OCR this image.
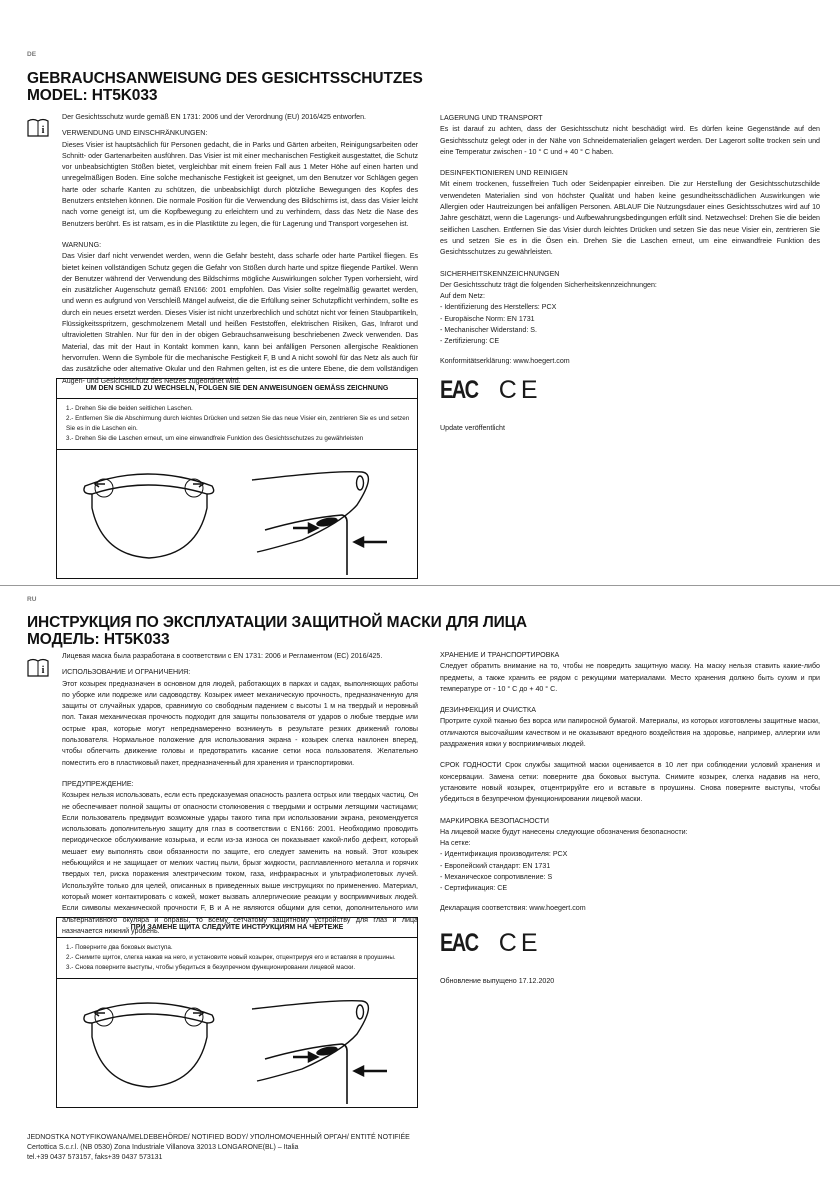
DE
GEBRAUCHSANWEISUNG DES GESICHTSSCHUTZES
MODEL: HT5K033
i

Der Gesichtsschutz wurde gemäß EN 1731: 2006 und der Verordnung (EU) 2016/425 entworfen.

VERWENDUNG UND EINSCHRÄNKUNGEN:

Dieses Visier ist hauptsächlich für Personen gedacht, die in Parks und Gärten arbeiten, Reinigungsarbeiten oder Schnitt- oder Gartenarbeiten ausführen. Das Visier ist mit einer mechanischen Festigkeit ausgestattet, die Schutz vor unbeabsichtigten Stößen bietet, vergleichbar mit einem freien Fall aus 1 Meter Höhe auf einen harten und unregelmäßigen Boden. Eine solche mechanische Festigkeit ist geeignet, um den Benutzer vor Schlägen gegen harte oder scharfe Kanten zu schützen, die unbeabsichligt durch plötzliche Bewegungen des Kopfes des Benutzers entstehen können. Die normale Position für die Verwendung des Bildschirms ist, dass das Visier leicht nach vorne geneigt ist, um die Kopfbewegung zu erleichtern und zu verhindern, dass das Netz die Nase des Benutzers berührt. Es ist ratsam, es in die Plastiktüte zu legen, die für Lagerung und Transport vorgesehen ist.

WARNUNG:

Das Visier darf nicht verwendet werden, wenn die Gefahr besteht, dass scharfe oder harte Partikel fliegen. Es bietet keinen vollständigen Schutz gegen die Gefahr von Stößen durch harte und spitze fliegende Partikel. Wenn der Benutzer während der Verwendung des Bildschirms mögliche Auswirkungen solcher Typen vorhersieht, wird ein zusätzlicher Augenschutz gemäß EN166: 2001 empfohlen. Das Visier sollte regelmäßig gewartet werden, und wenn es aufgrund von Verschleiß Mängel aufweist, die die Erfüllung seiner Schutzpflicht verhindern, sollte es durch ein neues ersetzt werden. Dieses Visier ist nicht unzerbrechlich und schützt nicht vor feinen Staubpartikeln, Flüssigkeitsspritzern, geschmolzenem Metall und heißen Feststoffen, elektrischen Risiken, Gas, Infrarot und ultravioletten Strahlen. Nur für den in der obigen Gebrauchsanweisung beschriebenen Zweck verwenden. Das Material, das mit der Haut in Kontakt kommen kann, kann bei anfälligen Personen allergische Reaktionen hervorrufen. Wenn die Symbole für die mechanische Festigkeit F, B und A nicht sowohl für das Netz als auch für das zusätzliche oder alternative Okular und den Rahmen gelten, ist es die untere Ebene, die dem vollständigen Augen- und Gesichtsschutz des Netzes zugeordnet wird.

UM DEN SCHILD ZU WECHSELN, FOLGEN SIE DEN ANWEISUNGEN GEMÄSS ZEICHNUNG
1.- Drehen Sie die beiden seitlichen Laschen.
2.- Entfernen Sie die Abschirmung durch leichtes Drücken und setzen Sie das neue Visier ein, zentrieren Sie es und setzen Sie es in die Laschen ein.
3.- Drehen Sie die Laschen erneut, um eine einwandfreie Funktion des Gesichtsschutzes zu gewährleisten
LAGERUNG UND TRANSPORT

Es ist darauf zu achten, dass der Gesichtsschutz nicht beschädigt wird. Es dürfen keine Gegenstände auf den Gesichtsschutz gelegt oder in der Nähe von Schneidematerialien gelagert werden. Der Lagerort sollte trocken sein und eine Temperatur zwischen - 10 ° C und + 40 ° C haben.

DESINFEKTIONIEREN UND REINIGEN

Mit einem trockenen, fusselfreien Tuch oder Seidenpapier einreiben. Die zur Herstellung der Gesichtsschutzschilde verwendeten Materialien sind von höchster Qualität und haben keine gesundheitsschädlichen Auswirkungen wie Allergien oder Hautreizungen bei anfälligen Personen. ABLAUF Die Nutzungsdauer eines Gesichtsschutzes wird auf 10 Jahre geschätzt, wenn die Lagerungs- und Aufbewahrungsbedingungen erfüllt sind. Netzwechsel: Drehen Sie die beiden seitlichen Laschen. Entfernen Sie das Visier durch leichtes Drücken und setzen Sie das neue Visier ein, zentrieren Sie es und setzen Sie es in die Ösen ein. Drehen Sie die Laschen erneut, um eine einwandfreie Funktion des Gesichtsschutzes zu gewährleisten.

SICHERHEITSKENNZEICHNUNGEN
Der Gesichtsschutz trägt die folgenden Sicherheitskennzeichnungen:
Auf dem Netz:
- Identifizierung des Herstellers: PCX
- Europäische Norm: EN 1731
- Mechanischer Widerstand: S.
- Zertifizierung: CE
Konformitätserklärung: www.hoegert.com
EAC CE
Update veröffentlicht
RU
ИНСТРУКЦИЯ ПО ЭКСПЛУАТАЦИИ ЗАЩИТНОЙ МАСКИ ДЛЯ ЛИЦА
МОДЕЛЬ: HT5K033
i

Лицевая маска была разработана в соответствии с EN 1731: 2006 и Регламентом (ЕС) 2016/425.

ИСПОЛЬЗОВАНИЕ И ОГРАНИЧЕНИЯ:

Этот козырек предназначен в основном для людей, работающих в парках и садах, выполняющих работы по уборке или подрезке или садоводству. Козырек имеет механическую прочность, предназначенную для защиты от случайных ударов, сравнимую со свободным падением с высоты 1 м на твердый и неровный пол. Такая механическая прочность подходит для защиты пользователя от ударов о любые твердые или острые края, которые могут непреднамеренно возникнуть в результате резких движений головы пользователя. Нормальное положение для использования экрана - козырек слегка наклонен вперед, чтобы облегчить движение головы и предотвратить касание сетки носа пользователя. Желательно поместить его в пластиковый пакет, предназначенный для хранения и транспортировки.

ПРЕДУПРЕЖДЕНИЕ:

Козырек нельзя использовать, если есть предсказуемая опасность разлета острых или твердых частиц. Он не обеспечивает полной защиты от опасности столкновения с твердыми и острыми летящими частицами; Если пользователь предвидит возможные удары такого типа при использовании экрана, рекомендуется использовать дополнительную защиту для глаз в соответствии с EN166: 2001. Необходимо проводить периодическое обслуживание козырька, и если из-за износа он показывает какой-либо дефект, который мешает ему выполнять свои обязанности по защите, его следует заменить на новый. Этот козырек небьющийся и не защищает от мелких частиц пыли, брызг жидкости, расплавленного металла и горячих твердых тел, риска поражения электрическим током, газа, инфракрасных и ультрафиолетовых лучей. Используйте только для целей, описанных в приведенных выше инструкциях по применению. Материал, который может контактировать с кожей, может вызвать аллергические реакции у восприимчивых людей. Если символы механической прочности F, B и A не являются общими для сетки, дополнительного или альтернативного окуляра и оправы, то всему сетчатому защитному устройству для глаз и лица назначается нижний уровень.

ПРИ ЗАМЕНЕ ЩИТА СЛЕДУЙТЕ ИНСТРУКЦИЯМ НА ЧЕРТЕЖЕ
1.- Поверните два боковых выступа.
2.- Снимите щиток, слегка нажав на него, и установите новый козырек, отцентрируя его и вставляя в проушины.
3.- Снова поверните выступы, чтобы убедиться в безупречном функционировании лицевой маски.
ХРАНЕНИЕ И ТРАНСПОРТИРОВКА

Следует обратить внимание на то, чтобы не повредить защитную маску. На маску нельзя ставить какие-либо предметы, а также хранить ее рядом с режущими материалами. Место хранения должно быть сухим и при температуре от - 10 ° С до + 40 ° С.

ДЕЗИНФЕКЦИЯ И ОЧИСТКА

Протрите сухой тканью без ворса или папиросной бумагой. Материалы, из которых изготовлены защитные маски, отличаются высочайшим качеством и не оказывают вредного воздействия на здоровье, например, аллергии или раздражения кожи у восприимчивых людей.

СРОК ГОДНОСТИ Срок службы защитной маски оценивается в 10 лет при соблюдении условий хранения и консервации. Замена сетки: поверните два боковых выступа. Снимите козырек, слегка надавив на него, установите новый козырек, отцентрируйте его и вставьте в проушины. Снова поверните выступы, чтобы убедиться в безупречном функционировании лицевой маски.

МАРКИРОВКА БЕЗОПАСНОСТИ
На лицевой маске будут нанесены следующие обозначения безопасности:
На сетке:
- Идентификация производителя: PCX
- Европейский стандарт: EN 1731
- Механическое сопротивление: S
- Сертификация: CE
Декларация соответствия: www.hoegert.com
EAC CE
Обновление выпущено 17.12.2020
JEDNOSTKA NOTYFIKOWANA/MELDEBEHÖRDE/ NOTIFIED BODY/ УПОЛНОМОЧЕННЫЙ ОРГАН/ ENTITÉ NOTIFIÉE
Certottica S.c.r.l. (NB 0530) Zona Industriale Villanova 32013 LONGARONE(BL) – Italia
tel.+39 0437 573157, faks+39 0437 573131
